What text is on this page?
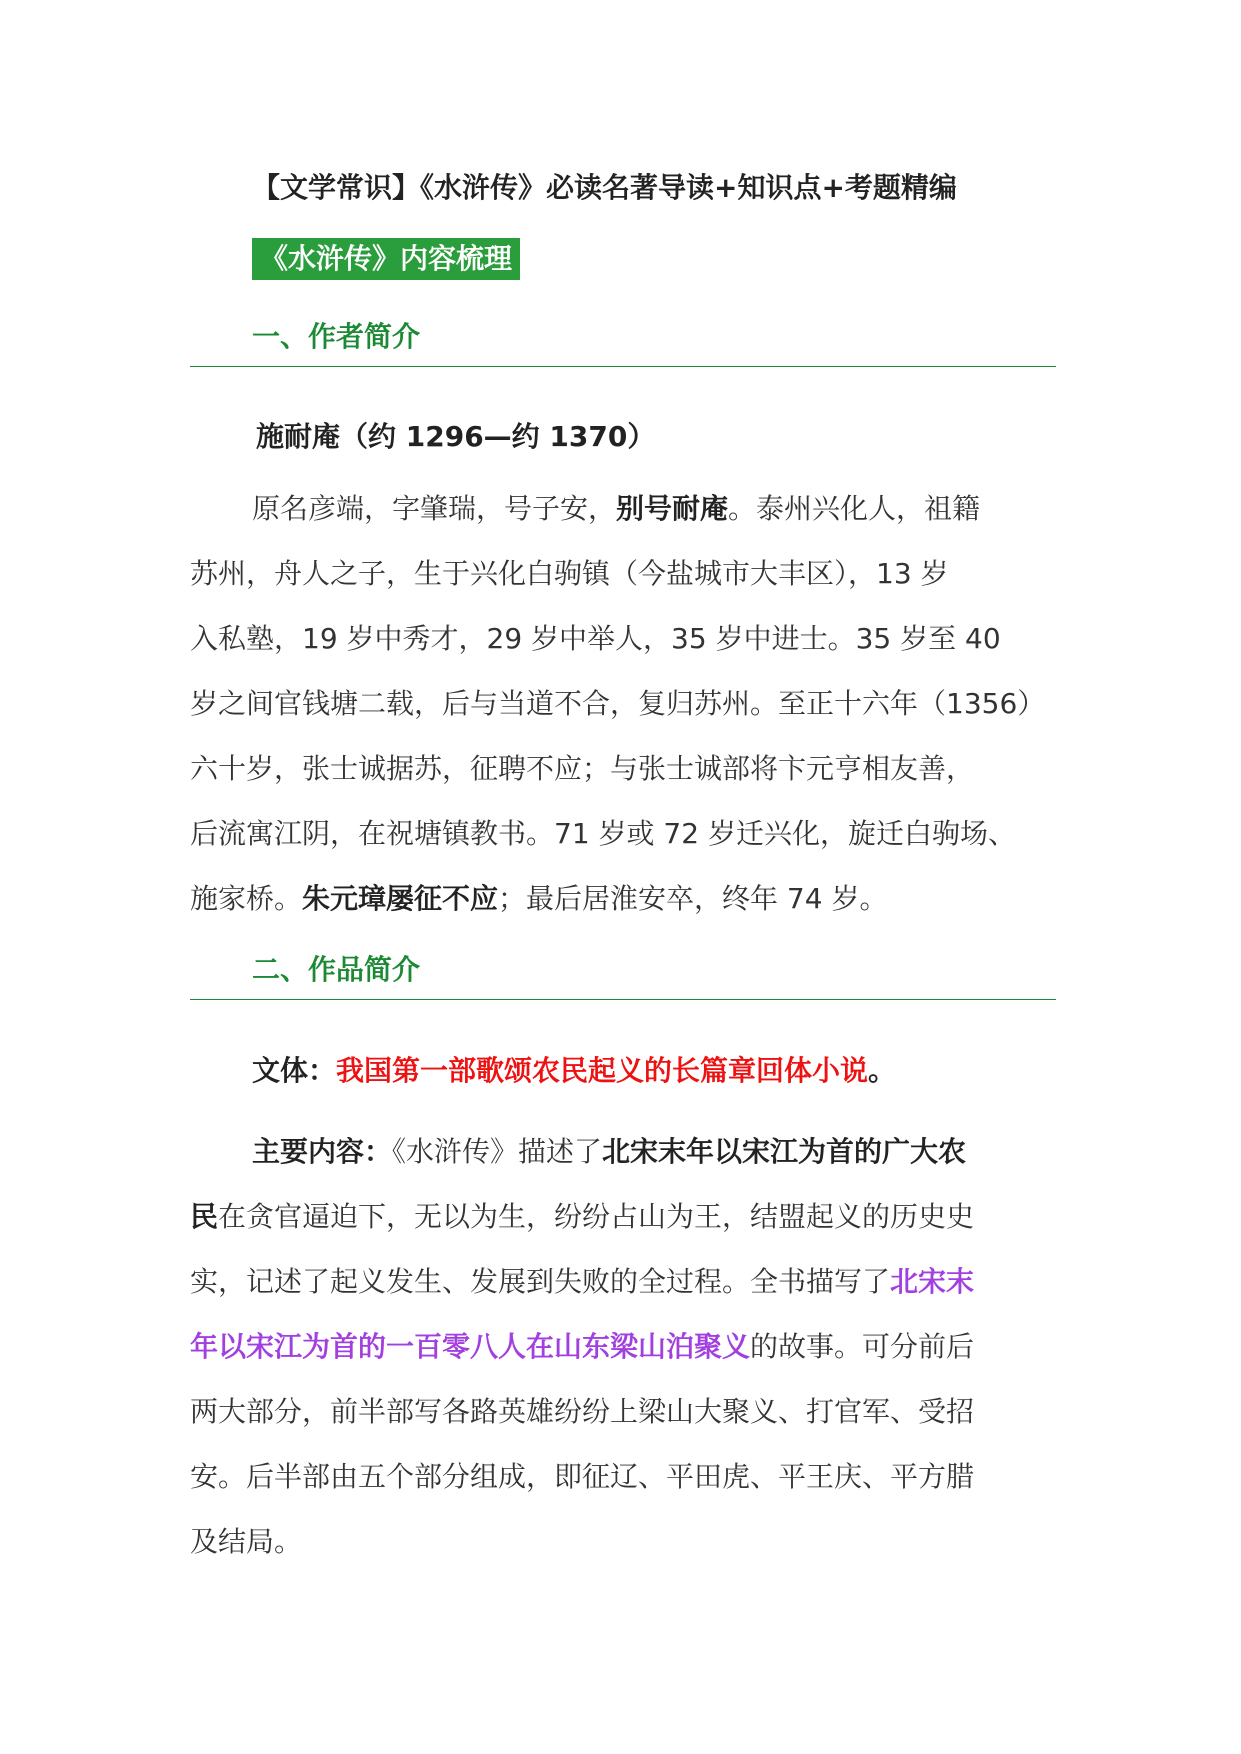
【文学常识】《水浒传》必读名著导读+知识点+考题精编
《水浒传》内容梳理
一、作者简介
施耐庵（约 1296—约 1370）
原名彦端，字肇瑞，号子安，别号耐庵。泰州兴化人，祖籍
苏州，舟人之子，生于兴化白驹镇（今盐城市大丰区），13 岁
入私塾，19 岁中秀才，29 岁中举人，35 岁中进士。35 岁至 40
岁之间官钱塘二载，后与当道不合，复归苏州。至正十六年（1356）
六十岁，张士诚据苏，征聘不应；与张士诚部将卞元亨相友善，
后流寓江阴，在祝塘镇教书。71 岁或 72 岁迁兴化，旋迁白驹场、
施家桥。朱元璋屡征不应；最后居淮安卒，终年 74 岁。
二、作品简介
文体：我国第一部歌颂农民起义的长篇章回体小说。
主要内容：《水浒传》描述了北宋末年以宋江为首的广大农
民在贪官逼迫下，无以为生，纷纷占山为王，结盟起义的历史史
实，记述了起义发生、发展到失败的全过程。全书描写了北宋末
年以宋江为首的一百零八人在山东梁山泊聚义的故事。可分前后
两大部分，前半部写各路英雄纷纷上梁山大聚义、打官军、受招
安。后半部由五个部分组成，即征辽、平田虎、平王庆、平方腊
及结局。
